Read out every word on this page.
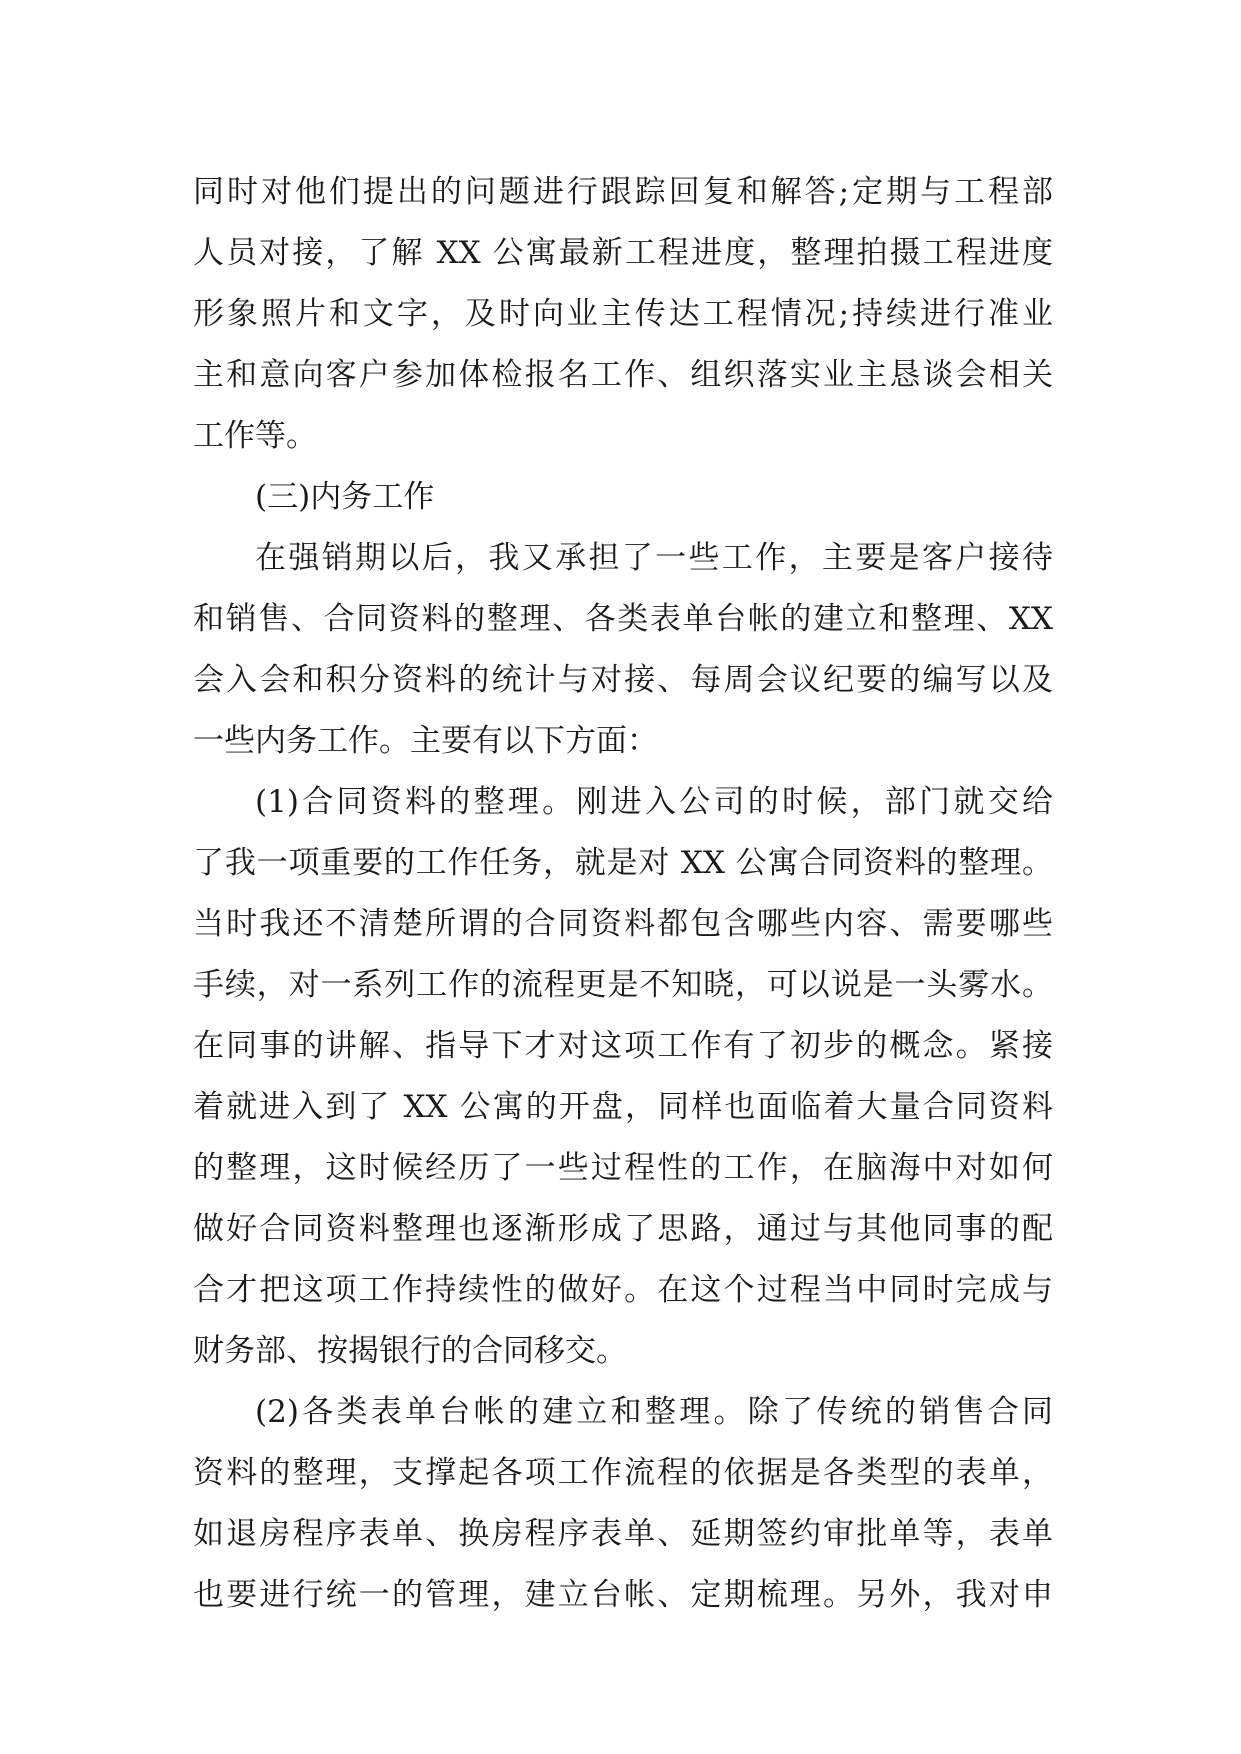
同时对他们提出的问题进行跟踪回复和解答;定期与工程部
人员对接，了解 XX 公寓最新工程进度，整理拍摄工程进度
形象照片和文字，及时向业主传达工程情况;持续进行准业
主和意向客户参加体检报名工作、组织落实业主恳谈会相关
工作等。
(三)内务工作
在强销期以后，我又承担了一些工作，主要是客户接待
和销售、合同资料的整理、各类表单台帐的建立和整理、XX
会入会和积分资料的统计与对接、每周会议纪要的编写以及
一些内务工作。主要有以下方面：
(1)合同资料的整理。刚进入公司的时候，部门就交给
了我一项重要的工作任务，就是对 XX 公寓合同资料的整理。
当时我还不清楚所谓的合同资料都包含哪些内容、需要哪些
手续，对一系列工作的流程更是不知晓，可以说是一头雾水。
在同事的讲解、指导下才对这项工作有了初步的概念。紧接
着就进入到了 XX 公寓的开盘，同样也面临着大量合同资料
的整理，这时候经历了一些过程性的工作，在脑海中对如何
做好合同资料整理也逐渐形成了思路，通过与其他同事的配
合才把这项工作持续性的做好。在这个过程当中同时完成与
财务部、按揭银行的合同移交。
(2)各类表单台帐的建立和整理。除了传统的销售合同
资料的整理，支撑起各项工作流程的依据是各类型的表单，
如退房程序表单、换房程序表单、延期签约审批单等，表单
也要进行统一的管理，建立台帐、定期梳理。另外，我对申
